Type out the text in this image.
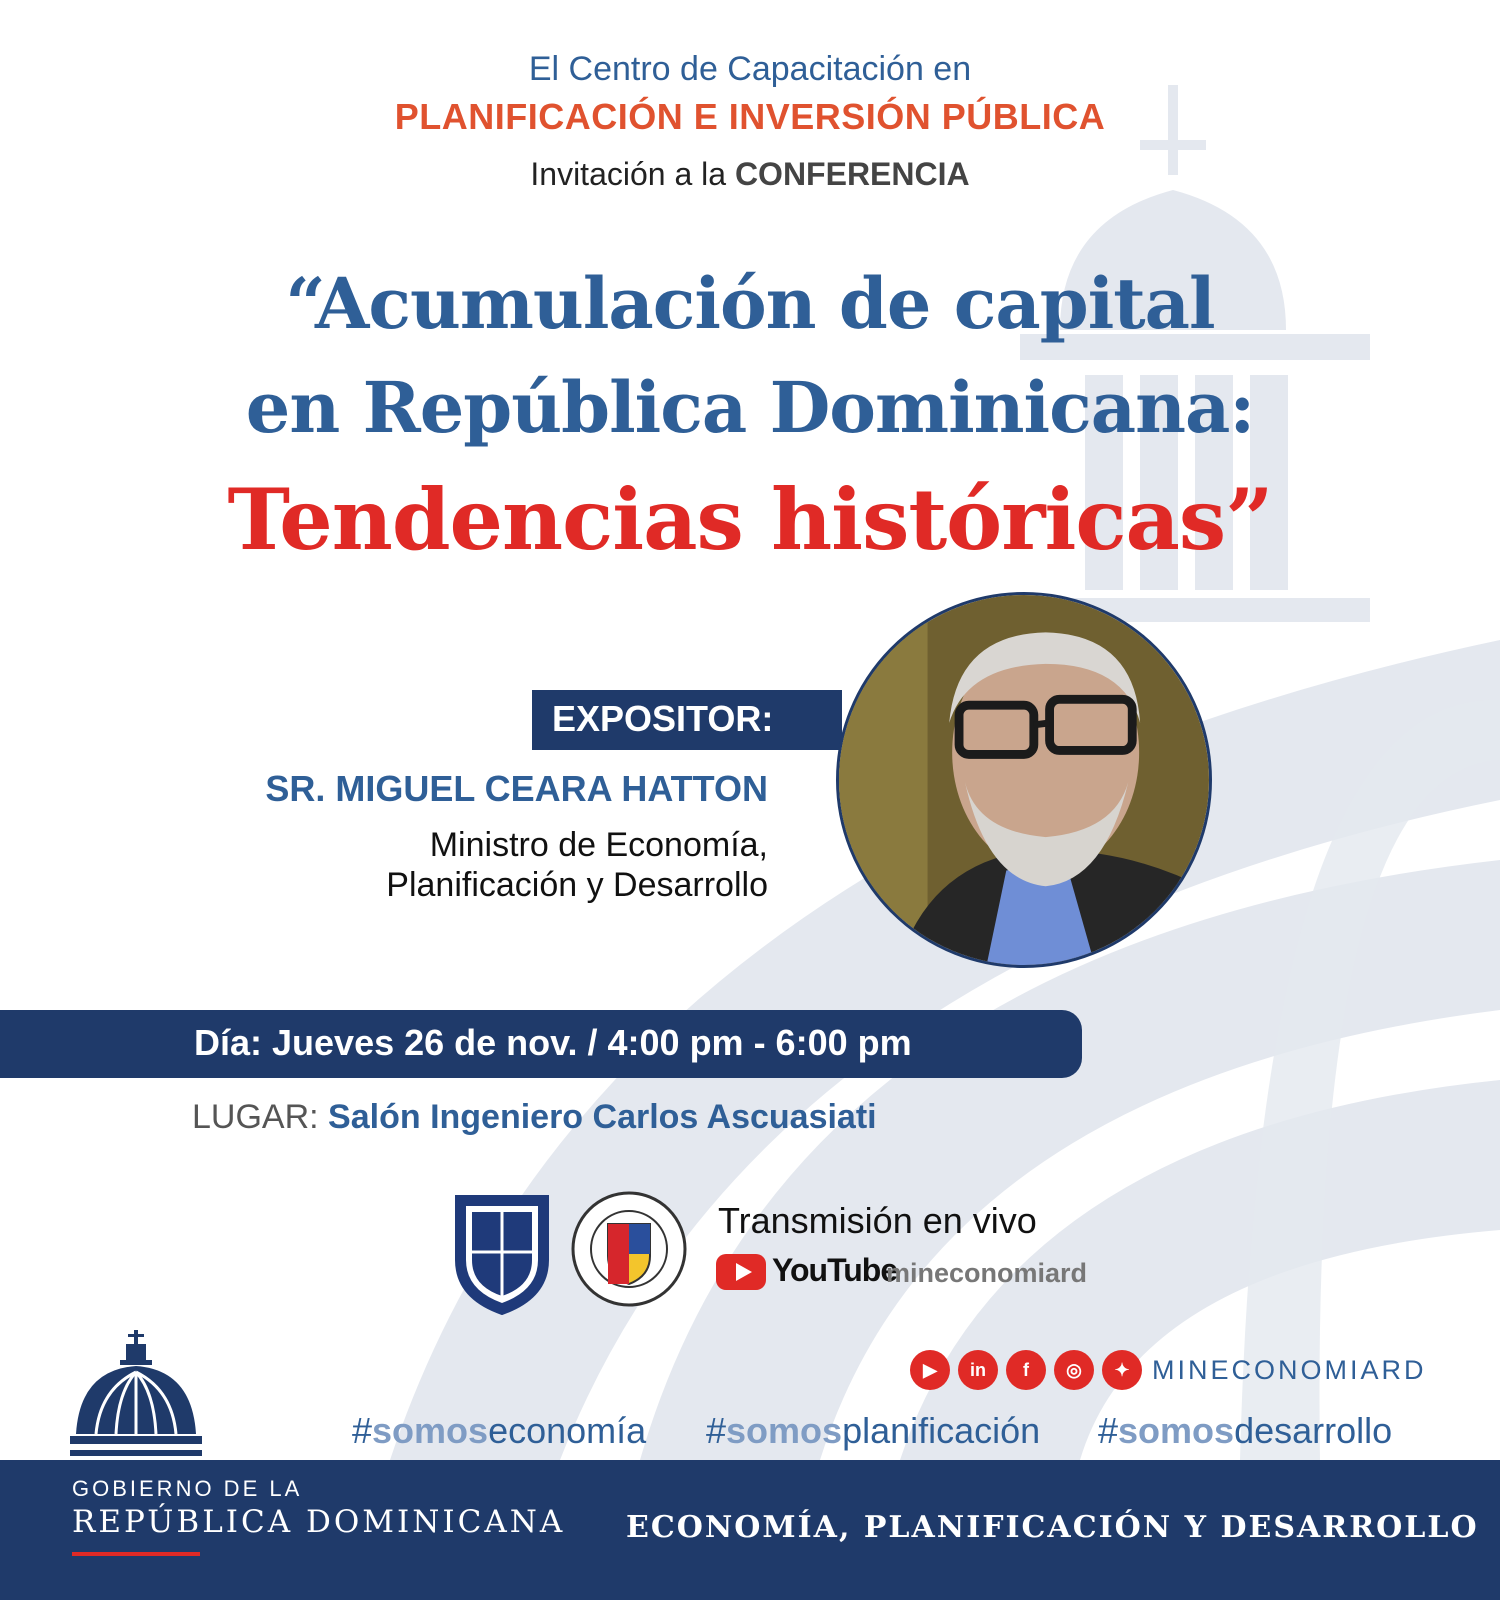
El Centro de Capacitación en
PLANIFICACIÓN E INVERSIÓN PÚBLICA
Invitación a la CONFERENCIA
“Acumulación de capital
en República Dominicana:
Tendencias históricas”
EXPOSITOR:
SR. MIGUEL CEARA HATTON
Ministro de Economía,
Planificación y Desarrollo
Día: Jueves 26 de nov. / 4:00 pm - 6:00 pm
LUGAR: Salón Ingeniero Carlos Ascuasiati
Transmisión en vivo
YouTube
mineconomiard
▶	in	f	◎	✦ MINECONOMIARD
#somoseconomía #somosplanificación #somosdesarrollo
GOBIERNO DE LA
REPÚBLICA DOMINICANA ECONOMÍA, PLANIFICACIÓN Y DESARROLLO
